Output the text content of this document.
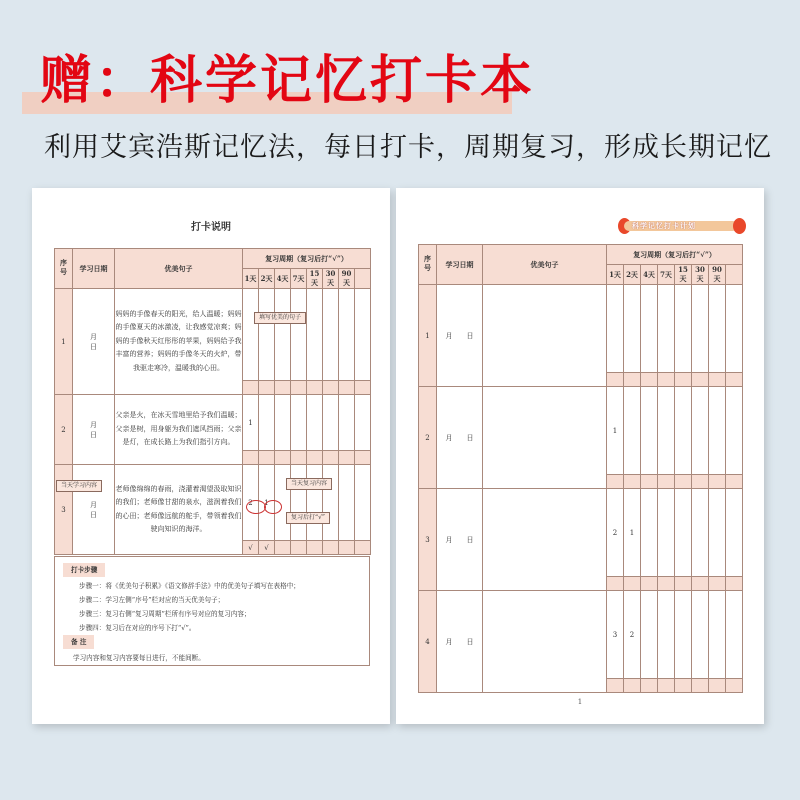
赠：科学记忆打卡本
利用艾宾浩斯记忆法，每日打卡，周期复习，形成长期记忆
打卡说明
序号	学习日期	优美句子	复习周期（复习后打“√”）							
			1天	2天	4天	7天	15天	30天	90天	
1	月日	妈妈的手像春天的阳光，给人温暖；妈妈的手像夏天的冰激凌，让我感觉凉爽；妈妈的手像秋天红彤彤的苹果，妈妈给予我丰富的营养；妈妈的手像冬天的火炉，带我驱走寒冷，温暖我的心田。								

2	月日	父亲是火，在冰天雪地里给予我们温暖；父亲是树，用身躯为我们遮风挡雨；父亲是灯，在成长路上为我们指引方向。	1							

3	月日	老师像绵绵的春雨，浇灌着渴望汲取知识的我们；老师像甘甜的泉水，滋润着我们的心田；老师像远航的舵手，带领着我们驶向知识的海洋。	2	1						
			√	√						
填写优美的句子
当天学习内容	当天复习内容
复习后打“√”
打卡步骤
步骤一：将《优美句子积累》《语文修辞手法》中的优美句子填写在表格中；
步骤二：学习左侧“序号”栏对应的当天优美句子；
步骤三：复习右侧“复习周期”栏所有序号对应的复习内容；
步骤四：复习后在对应的序号下打“√”。
备 注
学习内容和复习内容要每日进行，不能间断。
科学记忆打卡计划
序号	学习日期	优美句子	复习周期（复习后打“√”）							
			1天	2天	4天	7天	15天	30天	90天	
1	月 日									

2	月 日		1							

3	月 日		2	1						

4	月 日		3	2						

1
